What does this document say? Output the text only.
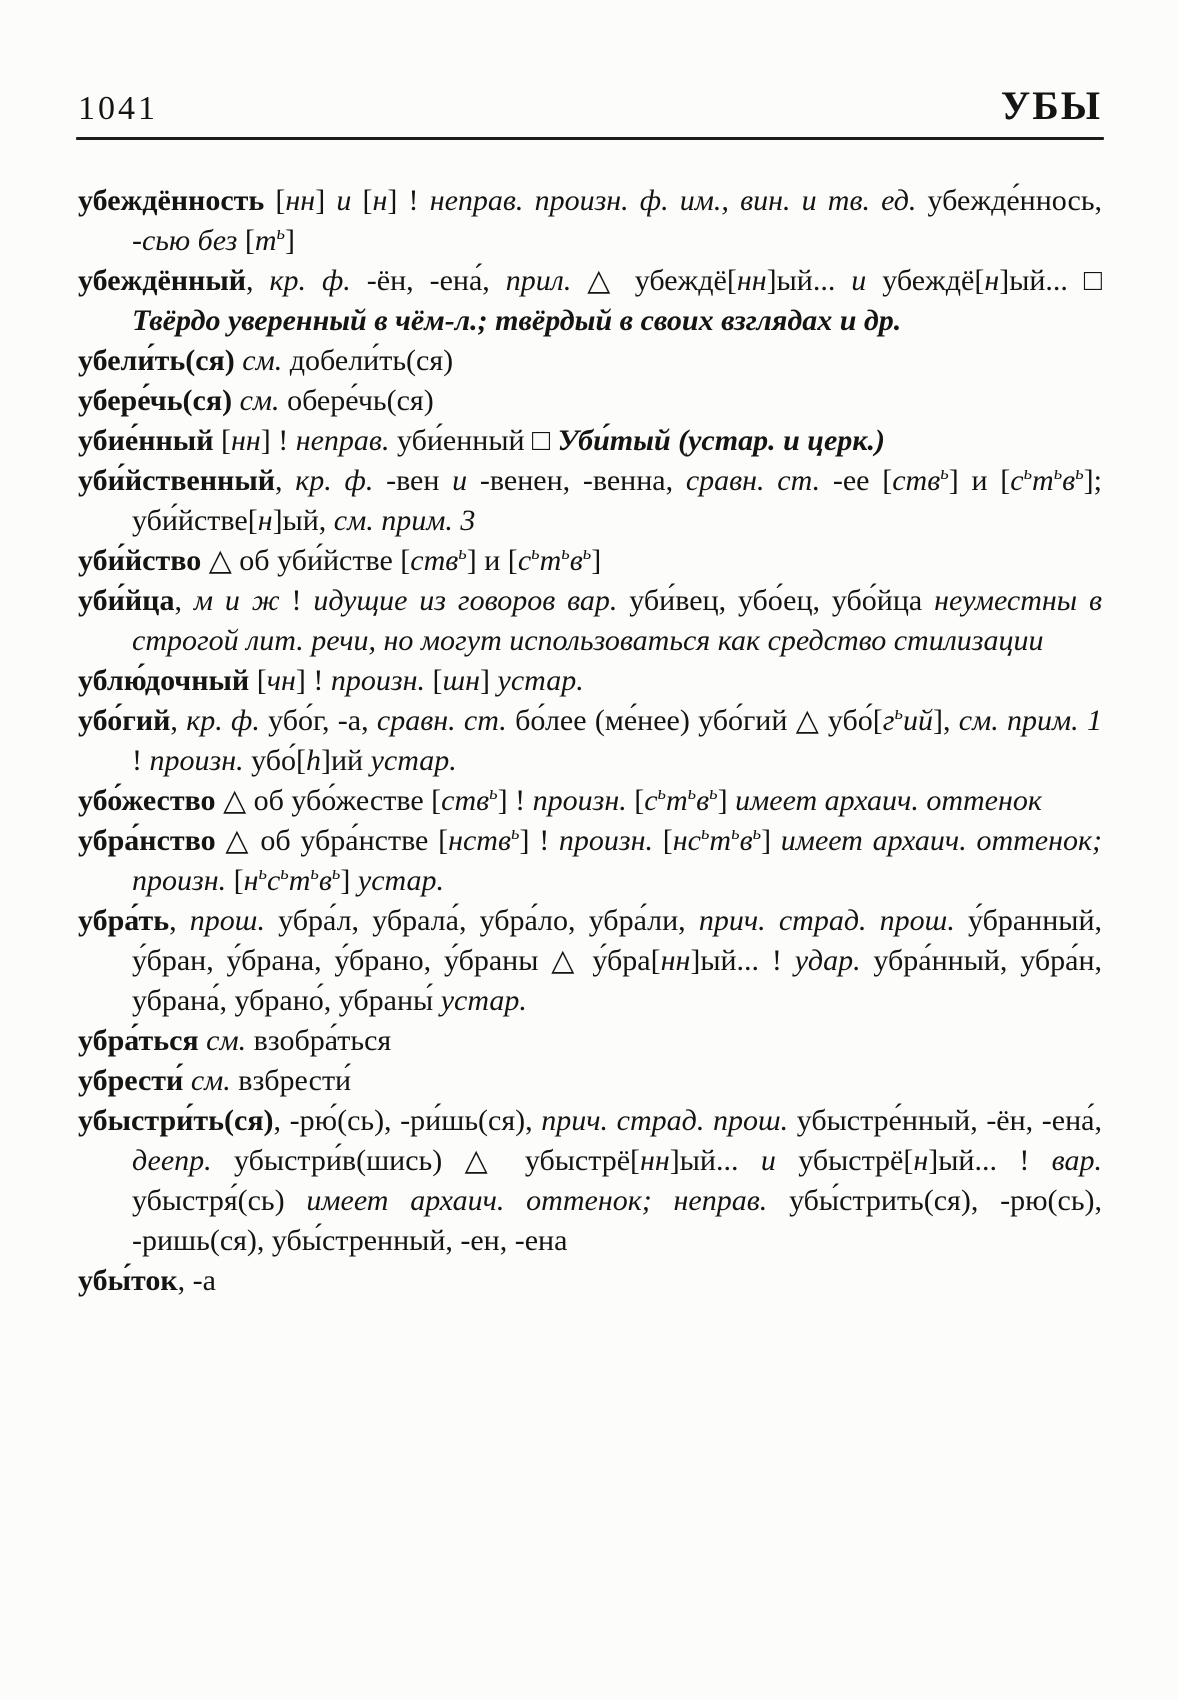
1041	УБЫ
убеждённость [нн] и [н] ! неправ. произн. ф. им., вин. и тв. ед. убежде́ннось, -сью без $[т^ь]$
убеждённый, кр. ф. -ён, -ена́, прил. △ убеждё[нн]ый... и убеждё[н]ый... □ Твёрдо уверенный в чём-л.; твёрдый в своих взглядах и др.
убели́ть(ся) см. добели́ть(ся)
убере́чь(ся) см. обере́чь(ся)
убие́нный [нн] ! неправ. уби́енный □ Уби́тый (устар. и церк.)
уби́йственный, кр. ф. -вен и -венен, -венна, сравн. ст. -ее [ств$^ь$] и $[с^ьт^ьв^ь]$; уби́йстве[н]ый, см. прим. 3
уби́йство △ об уби́йстве [ств$^ь$] и $[с^ьт^ьв^ь]$
уби́йца, м и ж ! идущие из говоров вар. уби́вец, убо́ец, убо́йца неуместны в строгой лит. речи, но могут использоваться как средство стилизации
ублю́дочный [чн] ! произн. [шн] устар.
убо́гий, кр. ф. убо́г, -а, сравн. ст. бо́лее (ме́нее) убо́гий △ $убо́[г^ьий]$, см. прим. 1 ! произн. убо́[h]ий устар.
убо́жество △ об убо́жестве [ств$^ь$] ! произн. $[с^ьт^ьв^ь]$ имеет архаич. оттенок
убра́нство △ об убра́нстве [нств$^ь$] ! произн. $[нс^ьт^ьв^ь]$ имеет архаич. оттенок; произн. $[н^ьс^ьт^ьв^ь]$ устар.
убра́ть, прош. убра́л, убрала́, убра́ло, убра́ли, прич. страд. прош. у́бранный, у́бран, у́брана, у́брано, у́браны △ у́бра[нн]ый... ! удар. убра́нный, убра́н, убрана́, убрано́, убраны́ устар.
убра́ться см. взобра́ться
убрести́ см. взбрести́
убыстри́ть(ся), -рю́(сь), -ри́шь(ся), прич. страд. прош. убыстре́нный, -ён, -ена́, деепр. убыстри́в(шись) △ убыстрё[нн]ый... и убыстрё[н]ый... ! вар. убыстря́(сь) имеет архаич. оттенок; неправ. убы́стрить(ся), -рю(сь), -ришь(ся), убы́стренный, -ен, -ена
убы́ток, -а
